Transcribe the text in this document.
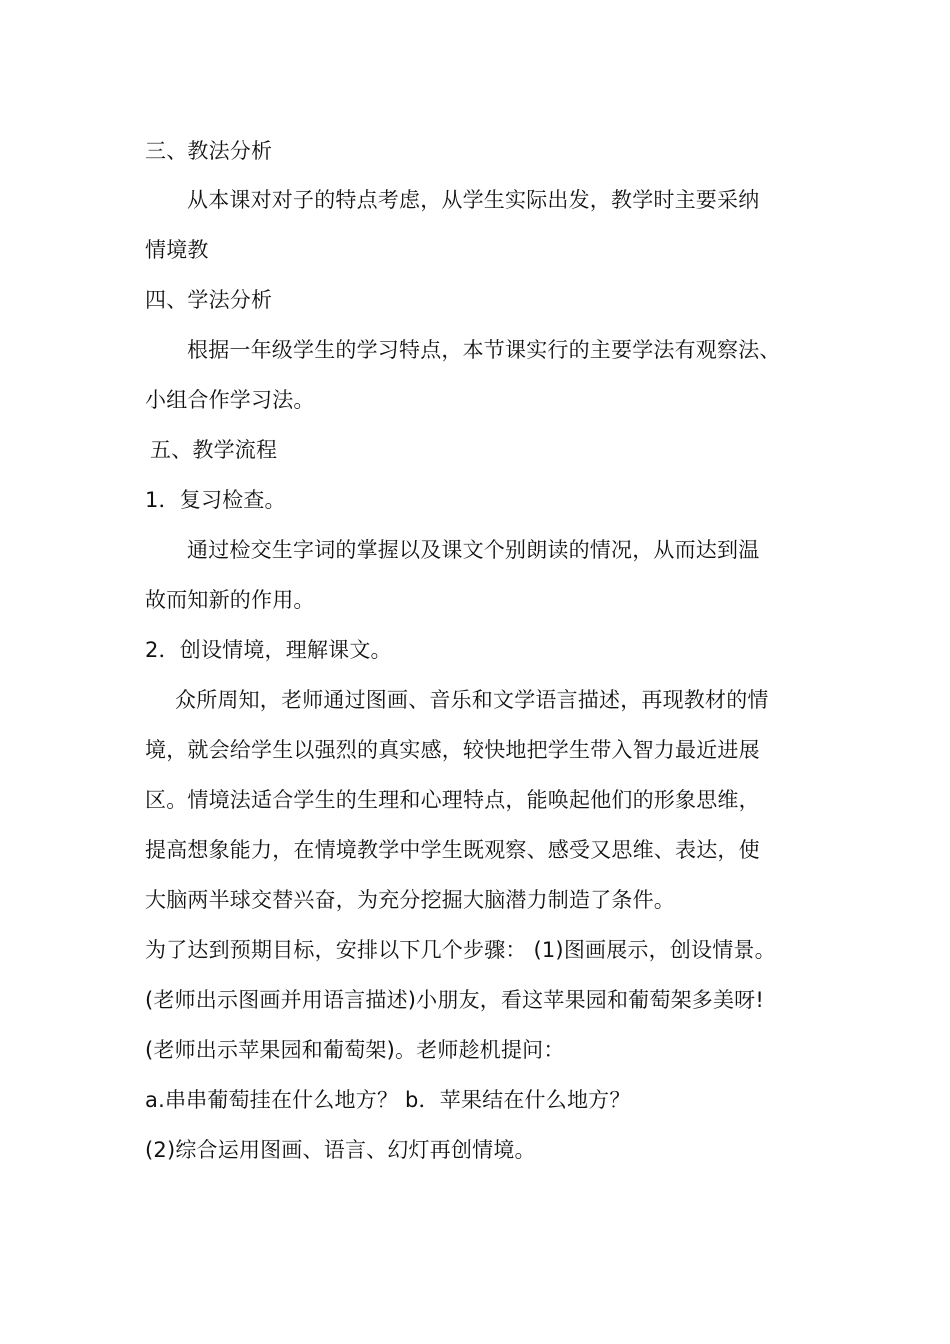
三、教法分析
从本课对对子的特点考虑，从学生实际出发，教学时主要采纳
情境教
四、学法分析
根据一年级学生的学习特点，本节课实行的主要学法有观察法、
小组合作学习法。
五、教学流程
1．复习检查。
通过检交生字词的掌握以及课文个别朗读的情况，从而达到温
故而知新的作用。
2．创设情境，理解课文。
众所周知，老师通过图画、音乐和文学语言描述，再现教材的情
境，就会给学生以强烈的真实感，较快地把学生带入智力最近进展
区。情境法适合学生的生理和心理特点，能唤起他们的形象思维，
提高想象能力，在情境教学中学生既观察、感受又思维、表达，使
大脑两半球交替兴奋，为充分挖掘大脑潜力制造了条件。
为了达到预期目标，安排以下几个步骤： (1)图画展示，创设情景。
(老师出示图画并用语言描述)小朋友，看这苹果园和葡萄架多美呀!
(老师出示苹果园和葡萄架)。老师趁机提问：
a.串串葡萄挂在什么地方？ b．苹果结在什么地方？
(2)综合运用图画、语言、幻灯再创情境。
